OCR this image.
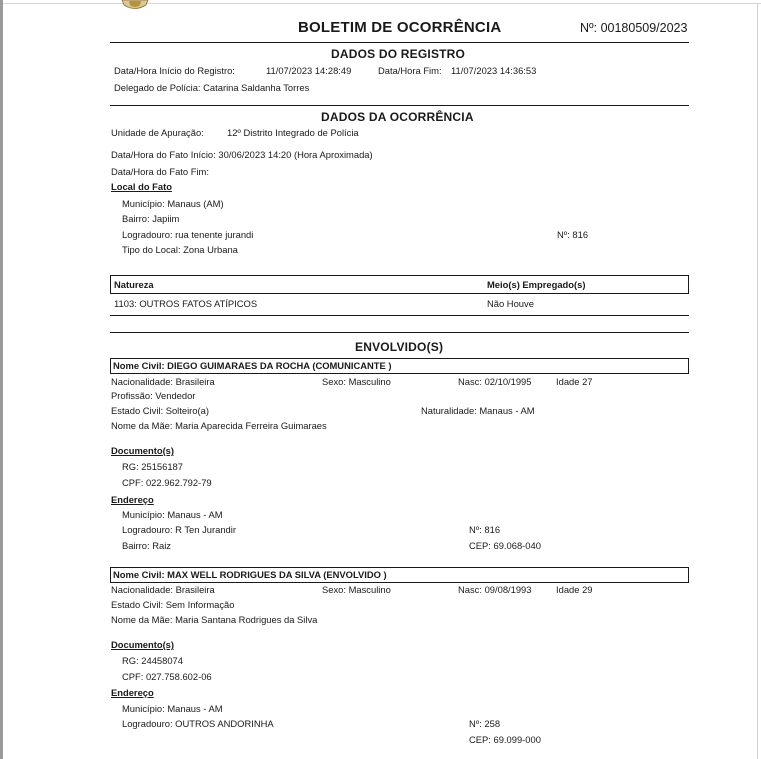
BOLETIM DE OCORRÊNCIA	Nº: 00180509/2023
DADOS DO REGISTRO
Data/Hora Início do Registro:	11/07/2023 14:28:49	Data/Hora Fim: 11/07/2023 14:36:53
Delegado de Polícia: Catarina Saldanha Torres
DADOS DA OCORRÊNCIA
Unidade de Apuração: 12º Distrito Integrado de Polícia
Data/Hora do Fato Início: 30/06/2023 14:20 (Hora Aproximada)
Data/Hora do Fato Fim:
Local do Fato
Município: Manaus (AM)
Bairro: Japiim
Logradouro: rua tenente jurandi	Nº: 816
Tipo do Local: Zona Urbana
Natureza	Meio(s) Empregado(s)
1103: OUTROS FATOS ATÍPICOS	Não Houve
ENVOLVIDO(S)
Nome Civil: DIEGO GUIMARAES DA ROCHA (COMUNICANTE )
Nacionalidade: Brasileira	Sexo: Masculino	Nasc: 02/10/1995	Idade 27
Profissão: Vendedor
Estado Civil: Solteiro(a)	Naturalidade: Manaus - AM
Nome da Mãe: Maria Aparecida Ferreira Guimaraes
Documento(s)
RG: 25156187
CPF: 022.962.792-79
Endereço
Município: Manaus - AM
Logradouro: R Ten Jurandir	Nº: 816
Bairro: Raiz	CEP: 69.068-040
Nome Civil: MAX WELL RODRIGUES DA SILVA (ENVOLVIDO )
Nacionalidade: Brasileira	Sexo: Masculino	Nasc: 09/08/1993	Idade 29
Estado Civil: Sem Informação
Nome da Mãe: Maria Santana Rodrigues da Silva
Documento(s)
RG: 24458074
CPF: 027.758.602-06
Endereço
Município: Manaus - AM
Logradouro: OUTROS ANDORINHA	Nº: 258
CEP: 69.099-000
